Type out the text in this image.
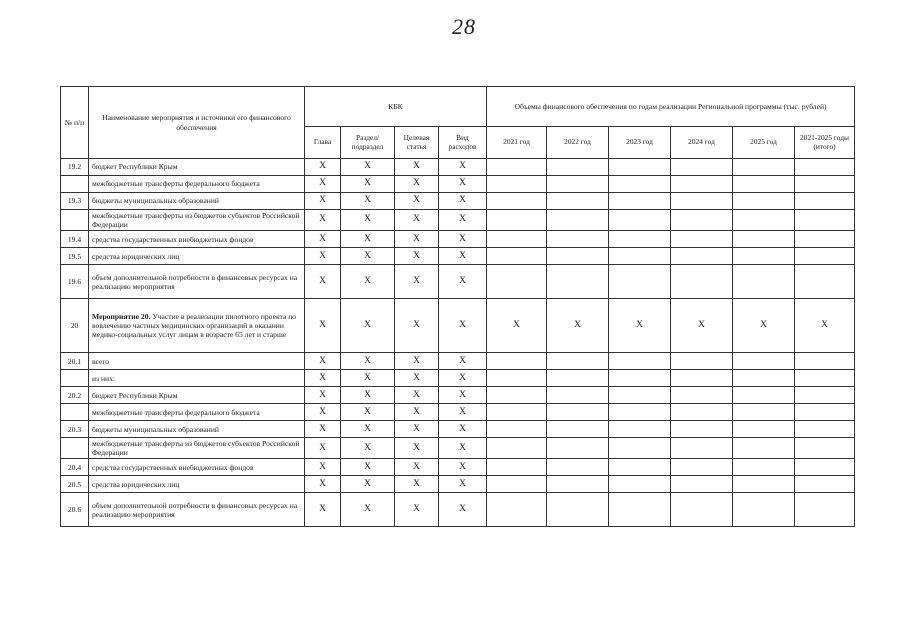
28
№ п/п	Наименование мероприятия и источники его финансового обеспечения	КБК				Объемы финансового обеспечения по годам реализации Региональной программы (тыс. рублей)					
		Глава	Раздел/ подраздел	Целевая статья	Вид расходов	2021 год	2022 год	2023 год	2024 год	2025 год	2021-2025 годы (итого)
19.2	бюджет Республики Крым	X	X	X	X						
	межбюджетные трансферты федерального бюджета	X	X	X	X						
19.3	бюджеты муниципальных образований	X	X	X	X						
	межбюджетные трансферты из бюджетов субъектов Российской Федерации	X	X	X	X						
19.4	средства государственных внебюджетных фондов	X	X	X	X						
19.5	средства юридических лиц	X	X	X	X						
19.6	объем дополнительной потребности в финансовых ресурсах на реализацию мероприятия	X	X	X	X						
20	Мероприятие 20. Участие в реализации пилотного проекта по вовлечению частных медицинских организаций в оказании медико-социальных услуг лицам в возрасте 65 лет и старше	X	X	X	X	X	X	X	X	X	X
20.1	всего	X	X	X	X						
	из них:	X	X	X	X						
20.2	бюджет Республики Крым	X	X	X	X						
	межбюджетные трансферты федерального бюджета	X	X	X	X						
20.3	бюджеты муниципальных образований	X	X	X	X						
	межбюджетные трансферты из бюджетов субъектов Российской Федерации	X	X	X	X						
20.4	средства государственных внебюджетных фондов	X	X	X	X						
20.5	средства юридических лиц	X	X	X	X						
20.6	объем дополнительной потребности в финансовых ресурсах на реализацию мероприятия	X	X	X	X						
